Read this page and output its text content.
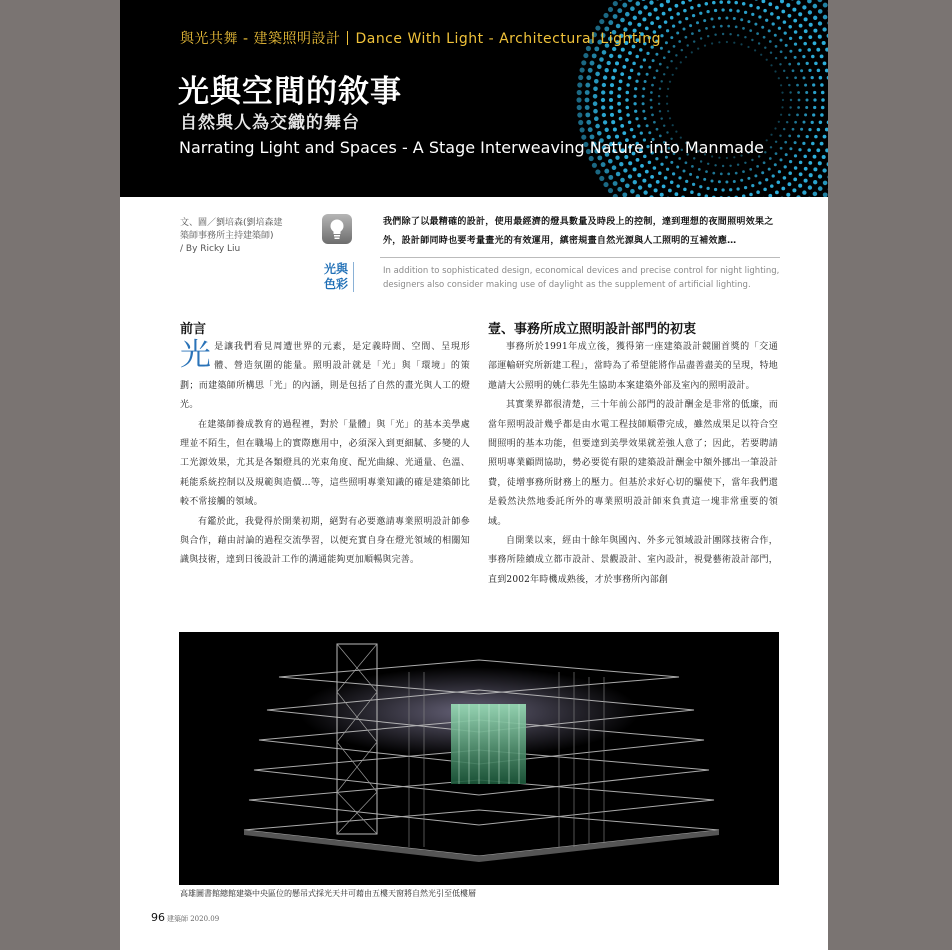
與光共舞 - 建築照明設計 Dance With Light - Architectural Lighting
光與空間的敘事
自然與人為交織的舞台
Narrating Light and Spaces - A Stage Interweaving Nature into Manmade
文、圖／劉培森(劉培森建
築師事務所主持建築師)
/ By Ricky Liu
光與
色彩
我們除了以最精確的設計，使用最經濟的燈具數量及時段上的控制，達到理想的夜間照明效果之外，設計師同時也要考量畫光的有效運用，縝密規畫自然光源與人工照明的互補效應…
In addition to sophisticated design, economical devices and precise control for night lighting, designers also consider making use of daylight as the supplement of artificial lighting.
前言

光是讓我們看見周遭世界的元素，是定義時間、空間、呈現形體、營造氛圍的能量。照明設計就是「光」與「環境」的策劃；而建築師所構思「光」的內涵，則是包括了自然的畫光與人工的燈光。

在建築師養成教育的過程裡，對於「量體」與「光」的基本美學處理並不陌生，但在職場上的實際應用中，必須深入到更細膩、多變的人工光源效果，尤其是各類燈具的光束角度、配光曲線、光通量、色溫、耗能系統控制以及規範與造價…等，這些照明專業知識的確是建築師比較不常接觸的領域。

有鑑於此，我覺得於開業初期，絕對有必要邀請專業照明設計師參與合作，藉由討論的過程交流學習，以便充實自身在燈光領域的相關知識與技術，達到日後設計工作的溝通能夠更加順暢與完善。

壹、事務所成立照明設計部門的初衷

事務所於1991年成立後，獲得第一座建築設計競圖首獎的「交通部運輸研究所新建工程」，當時為了希望能將作品盡善盡美的呈現，特地邀請大公照明的姚仁恭先生協助本案建築外部及室內的照明設計。

其實業界都很清楚，三十年前公部門的設計酬金是非常的低廉，而當年照明設計幾乎都是由水電工程技師順帶完成，雖然成果足以符合空間照明的基本功能，但要達到美學效果就差強人意了；因此，若要聘請照明專業顧問協助，勢必要從有限的建築設計酬金中額外挪出一筆設計費，徒增事務所財務上的壓力。但基於求好心切的驅使下，當年我們還是毅然決然地委託所外的專業照明設計師來負責這一塊非常重要的領域。

自開業以來，經由十餘年與國內、外多元領域設計團隊技術合作，事務所陸續成立都市設計、景觀設計、室內設計，視覺藝術設計部門，直到2002年時機成熟後，才於事務所內部創

高雄圖書館總館建築中央區位的懸吊式採光天井可藉由五樓天窗將自然光引至低樓層
96 建築師 2020.09
